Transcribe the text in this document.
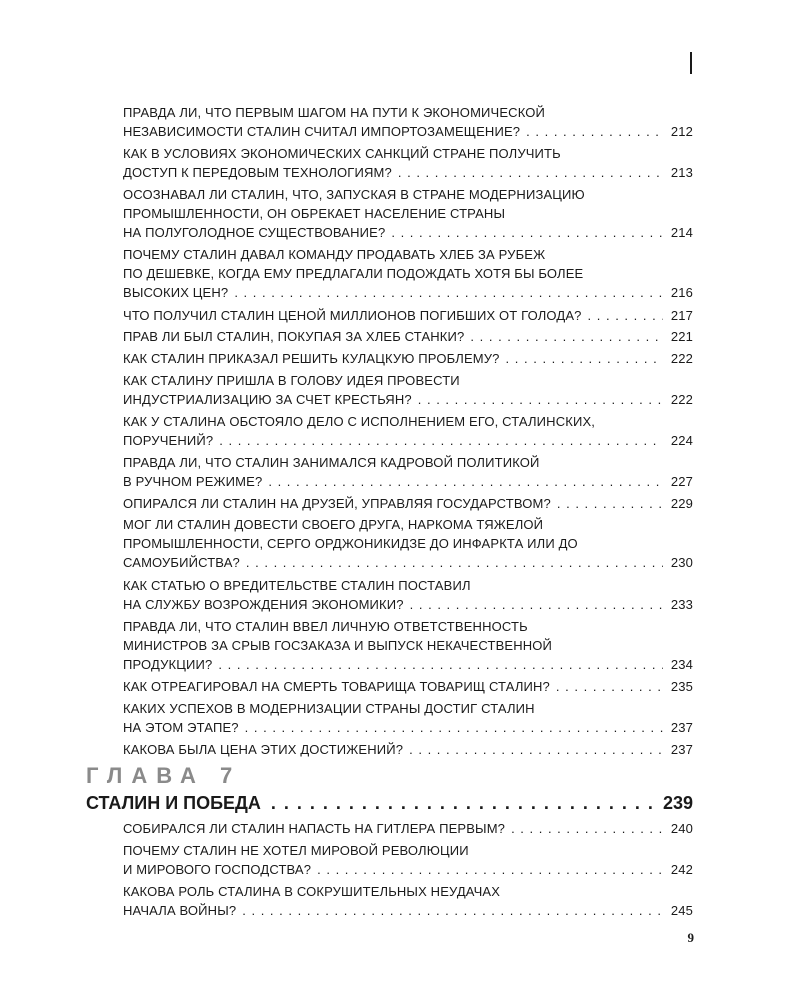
ПРАВДА ЛИ, ЧТО ПЕРВЫМ ШАГОМ НА ПУТИ К ЭКОНОМИЧЕСКОЙ
НЕЗАВИСИМОСТИ СТАЛИН СЧИТАЛ ИМПОРТОЗАМЕЩЕНИЕ? . . .	212
КАК В УСЛОВИЯХ ЭКОНОМИЧЕСКИХ САНКЦИЙ СТРАНЕ ПОЛУЧИТЬ
ДОСТУП К ПЕРЕДОВЫМ ТЕХНОЛОГИЯМ? . . .	213
ОСОЗНАВАЛ ЛИ СТАЛИН, ЧТО, ЗАПУСКАЯ В СТРАНЕ МОДЕРНИЗАЦИЮ
ПРОМЫШЛЕННОСТИ, ОН ОБРЕКАЕТ НАСЕЛЕНИЕ СТРАНЫ
НА ПОЛУГОЛОДНОЕ СУЩЕСТВОВАНИЕ? . . .	214
ПОЧЕМУ СТАЛИН ДАВАЛ КОМАНДУ ПРОДАВАТЬ ХЛЕБ ЗА РУБЕЖ
ПО ДЕШЕВКЕ, КОГДА ЕМУ ПРЕДЛАГАЛИ ПОДОЖДАТЬ ХОТЯ БЫ БОЛЕЕ
ВЫСОКИХ ЦЕН? . . .	216
ЧТО ПОЛУЧИЛ СТАЛИН ЦЕНОЙ МИЛЛИОНОВ ПОГИБШИХ ОТ ГОЛОДА? . . .	217
ПРАВ ЛИ БЫЛ СТАЛИН, ПОКУПАЯ ЗА ХЛЕБ СТАНКИ? . . .	221
КАК СТАЛИН ПРИКАЗАЛ РЕШИТЬ КУЛАЦКУЮ ПРОБЛЕМУ? . . .	222
КАК СТАЛИНУ ПРИШЛА В ГОЛОВУ ИДЕЯ ПРОВЕСТИ
ИНДУСТРИАЛИЗАЦИЮ ЗА СЧЕТ КРЕСТЬЯН? . . .	222
КАК У СТАЛИНА ОБСТОЯЛО ДЕЛО С ИСПОЛНЕНИЕМ ЕГО, СТАЛИНСКИХ,
ПОРУЧЕНИЙ? . . .	224
ПРАВДА ЛИ, ЧТО СТАЛИН ЗАНИМАЛСЯ КАДРОВОЙ ПОЛИТИКОЙ
В РУЧНОМ РЕЖИМЕ? . . .	227
ОПИРАЛСЯ ЛИ СТАЛИН НА ДРУЗЕЙ, УПРАВЛЯЯ ГОСУДАРСТВОМ? . . .	229
МОГ ЛИ СТАЛИН ДОВЕСТИ СВОЕГО ДРУГА, НАРКОМА ТЯЖЕЛОЙ
ПРОМЫШЛЕННОСТИ, СЕРГО ОРДЖОНИКИДЗЕ ДО ИНФАРКТА ИЛИ ДО
САМОУБИЙСТВА? . . .	230
КАК СТАТЬЮ О ВРЕДИТЕЛЬСТВЕ СТАЛИН ПОСТАВИЛ
НА СЛУЖБУ ВОЗРОЖДЕНИЯ ЭКОНОМИКИ? . . .	233
ПРАВДА ЛИ, ЧТО СТАЛИН ВВЕЛ ЛИЧНУЮ ОТВЕТСТВЕННОСТЬ
МИНИСТРОВ ЗА СРЫВ ГОСЗАКАЗА И ВЫПУСК НЕКАЧЕСТВЕННОЙ
ПРОДУКЦИИ? . . .	234
КАК ОТРЕАГИРОВАЛ НА СМЕРТЬ ТОВАРИЩА ТОВАРИЩ СТАЛИН? . . .	235
КАКИХ УСПЕХОВ В МОДЕРНИЗАЦИИ СТРАНЫ ДОСТИГ СТАЛИН
НА ЭТОМ ЭТАПЕ? . . .	237
КАКОВА БЫЛА ЦЕНА ЭТИХ ДОСТИЖЕНИЙ? . . .	237
СОБИРАЛСЯ ЛИ СТАЛИН НАПАСТЬ НА ГИТЛЕРА ПЕРВЫМ? . . .	240
ПОЧЕМУ СТАЛИН НЕ ХОТЕЛ МИРОВОЙ РЕВОЛЮЦИИ
И МИРОВОГО ГОСПОДСТВА? . . .	242
КАКОВА РОЛЬ СТАЛИНА В СОКРУШИТЕЛЬНЫХ НЕУДАЧАХ
НАЧАЛА ВОЙНЫ? . . .	245
ГЛАВА 7
СТАЛИН И ПОБЕДА . . .	239
9
